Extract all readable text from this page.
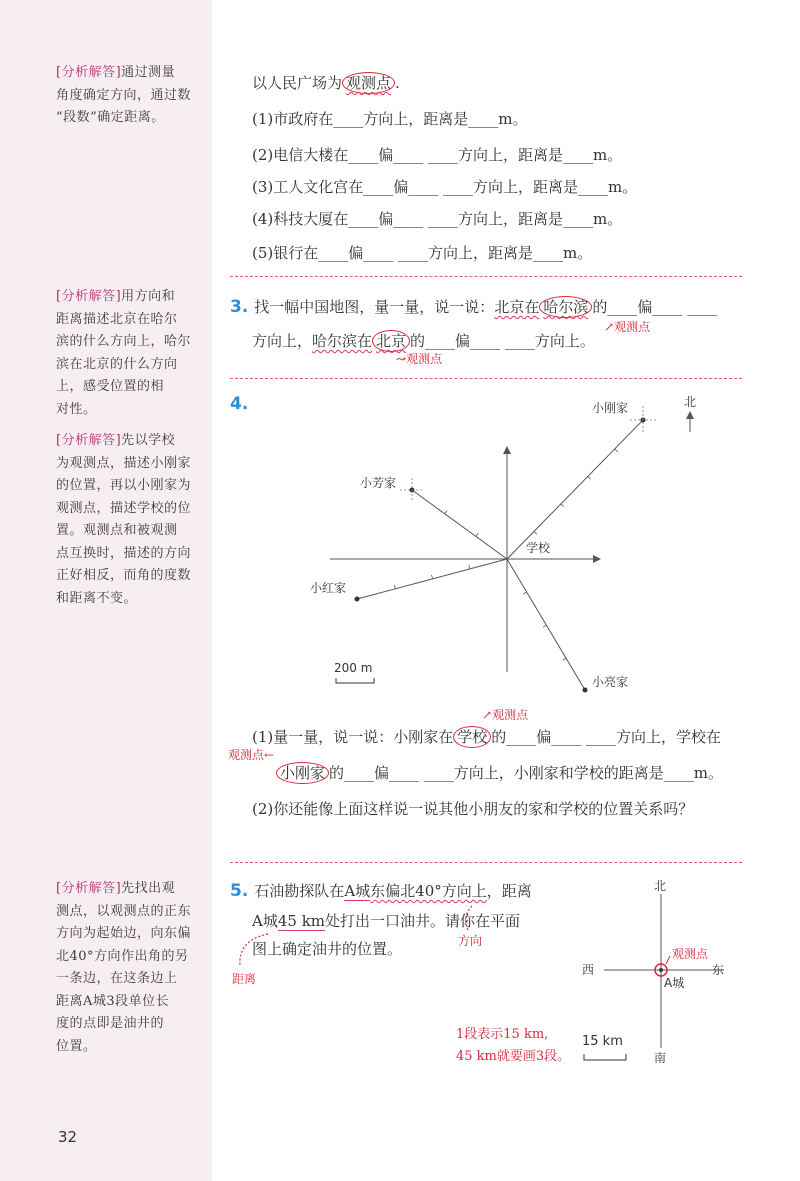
[分析解答]通过测量
角度确定方向，通过数
“段数”确定距离。
[分析解答]用方向和
距离描述北京在哈尔
滨的什么方向上，哈尔
滨在北京的什么方向
上，感受位置的相
对性。
[分析解答]先以学校
为观测点，描述小刚家
的位置，再以小刚家为
观测点，描述学校的位
置。观测点和被观测
点互换时，描述的方向
正好相反，而角的度数
和距离不变。
[分析解答]先找出观
测点，以观测点的正东
方向为起始边，向东偏
北40°方向作出角的另
一条边，在这条边上
距离A城3段单位长
度的点即是油井的
位置。
32
以人民广场为 观测点 .
(1)市政府在____方向上，距离是____m。
(2)电信大楼在____偏____ ____方向上，距离是____m。
(3)工人文化宫在____偏____ ____方向上，距离是____m。
(4)科技大厦在____偏____ ____方向上，距离是____m。
(5)银行在____偏____ ____方向上，距离是____m。
3. 找一幅中国地图，量一量，说一说：北京在 哈尔滨 的____偏____ ____
↗观测点
方向上，哈尔滨在 北京 的____偏____ ____方向上。
↝观测点
4.	北
小刚家
小芳家
学校
小红家
小亮家
200 m
↗观测点
(1)量一量，说一说：小刚家在 学校 的____偏____ ____方向上，学校在
观测点←
小刚家 的____偏____ ____方向上，小刚家和学校的距离是____m。
(2)你还能像上面这样说一说其他小朋友的家和学校的位置关系吗？
5. 石油勘探队在A城东偏北40°方向上，距离
A城45 km处打出一口油井。请你在平面
图上确定油井的位置。	方向
距离
北
南
西	东
A城
观测点
1段表示15 km,
45 km就要画3段。
15 km
